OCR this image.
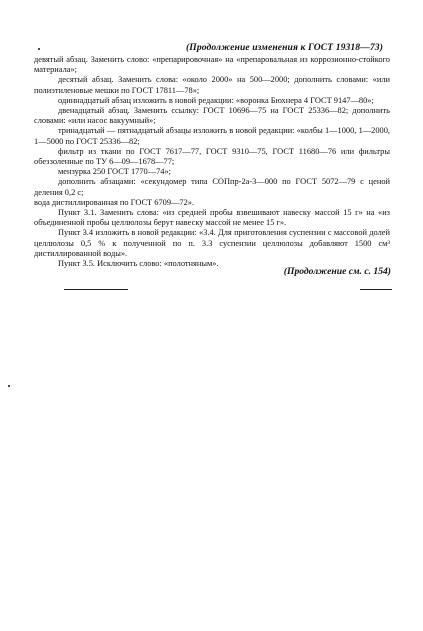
(Продолжение изменения к ГОСТ 19318—73)

девятый абзац. Заменить слово: «препарировочная» на «препаровальная из коррозионно-стойкого материала»;

десятый абзац. Заменить слова: «около 2000» на 500—2000; дополнить словами: «или полиэтиленовые мешки по ГОСТ 17811—78»;

одиннадцатый абзац изложить в новой редакции: «воронка Бюхнера 4 ГОСТ 9147—80»;

двенадцатый абзац. Заменить ссылку: ГОСТ 10696—75 на ГОСТ 25336—82; дополнить словами: «или насос вакуумный»;

тринадцатый — пятнадцатый абзацы изложить в новой редакции: «колбы 1—1000, 1—2000, 1—5000 по ГОСТ 25336—82;

фильтр из ткани по ГОСТ 7617—77, ГОСТ 9310—75, ГОСТ 11680—76 или фильтры обеззоленные по ТУ 6—09—1678—77;

мензурка 250 ГОСТ 1770—74»;

дополнить абзацами: «секундомер типа СОПпр-2а-3—000 по ГОСТ 5072—79 с ценой деления 0,2 с;

вода дистиллированная по ГОСТ 6709—72».

Пункт 3.1. Заменить слова: «из средней пробы взвешивают навеску массой 15 г» на «из объединенной пробы целлюлозы берут навеску массой не менее 15 г».

Пункт 3.4 изложить в новой редакции: «3.4. Для приготовления суспензии с массовой долей целлюлозы 0,5 % к полученной по п. 3.3 суспензии целлюлозы добавляют 1500 см³ дистиллированной воды».

Пункт 3.5. Исключить слово: «полотняным».

(Продолжение см. с. 154)
